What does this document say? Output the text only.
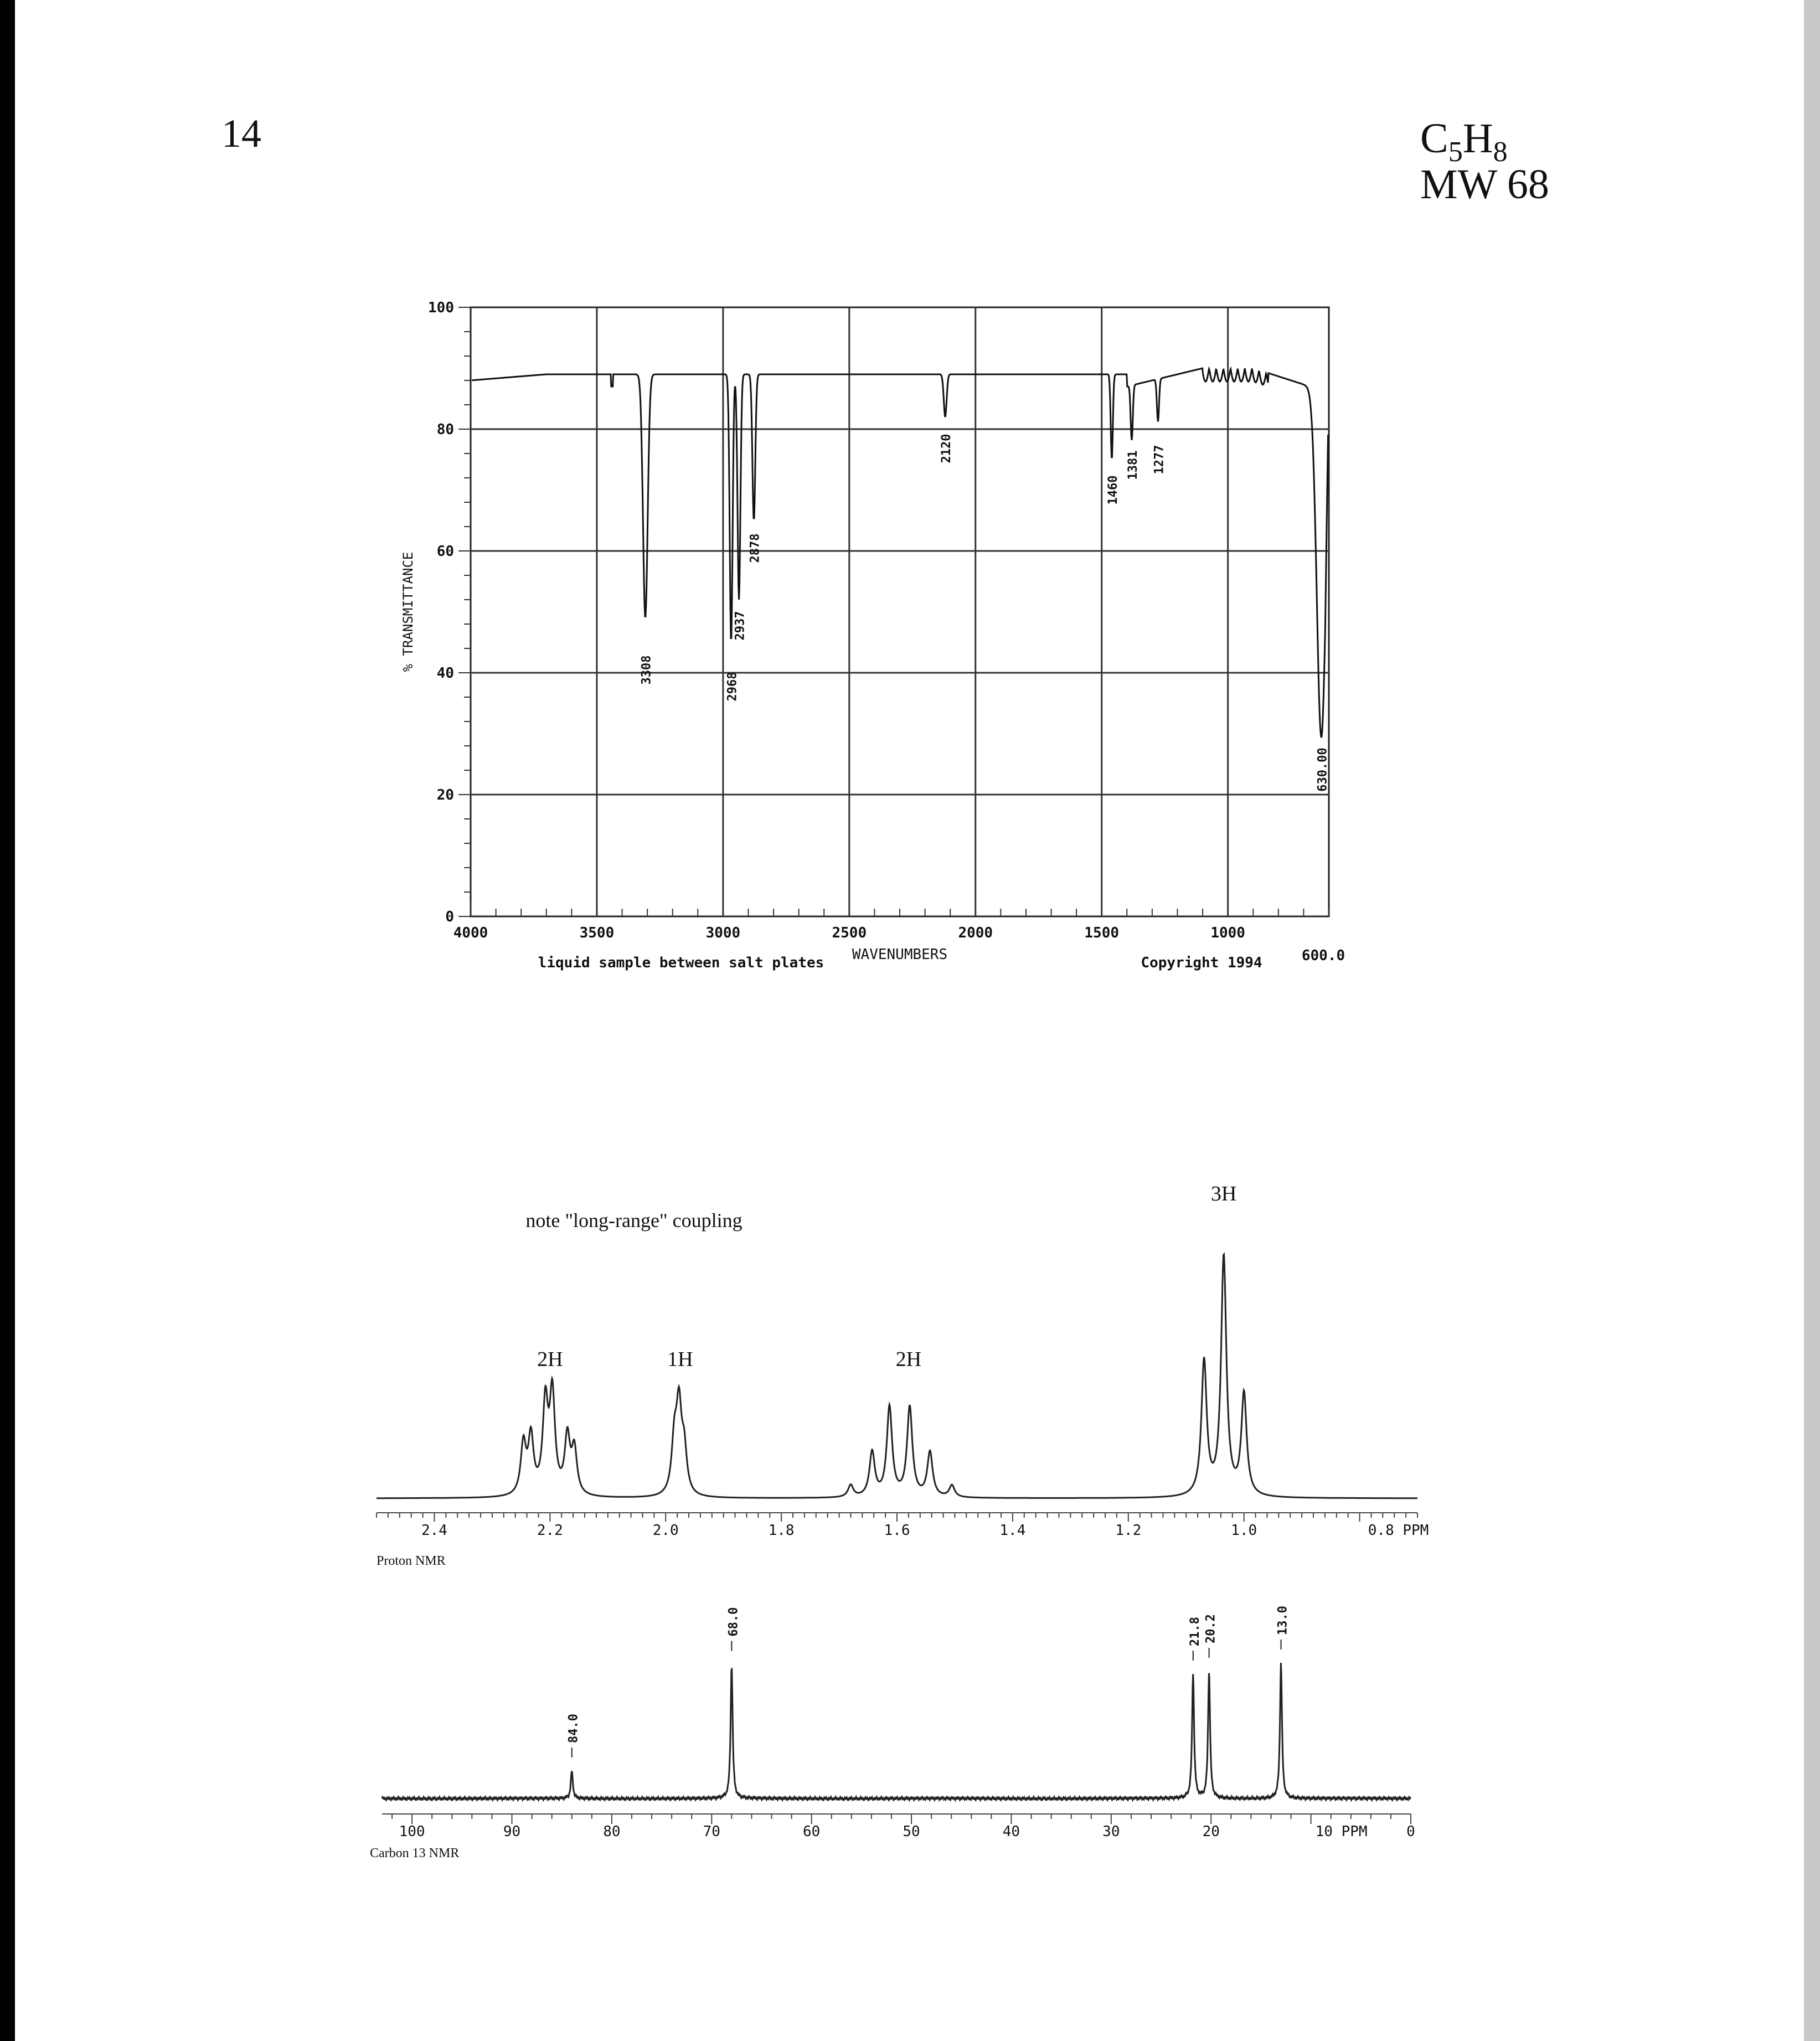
14	$C_5H_8$
MW 68
100
80
60
40
20
0
4000	3500	3000	2500	2000	1500	1000
600.0
WAVENUMBERS
liquid sample between salt plates	Copyright 1994
% TRANSMITTANCE	3308
2968
2937
2878
2120
1460
1381 1277
630.00
2.4	2.2	2.0	1.8	1.6	1.4	1.2	1.0	0.8 PPM
Proton NMR
note "long-range" coupling
2H	1H	2H
3H
100	90	80	70	60	50	40	30	20	10 PPM	0
Carbon 13 NMR
84.0
68.0	21.8 20.2	13.0
